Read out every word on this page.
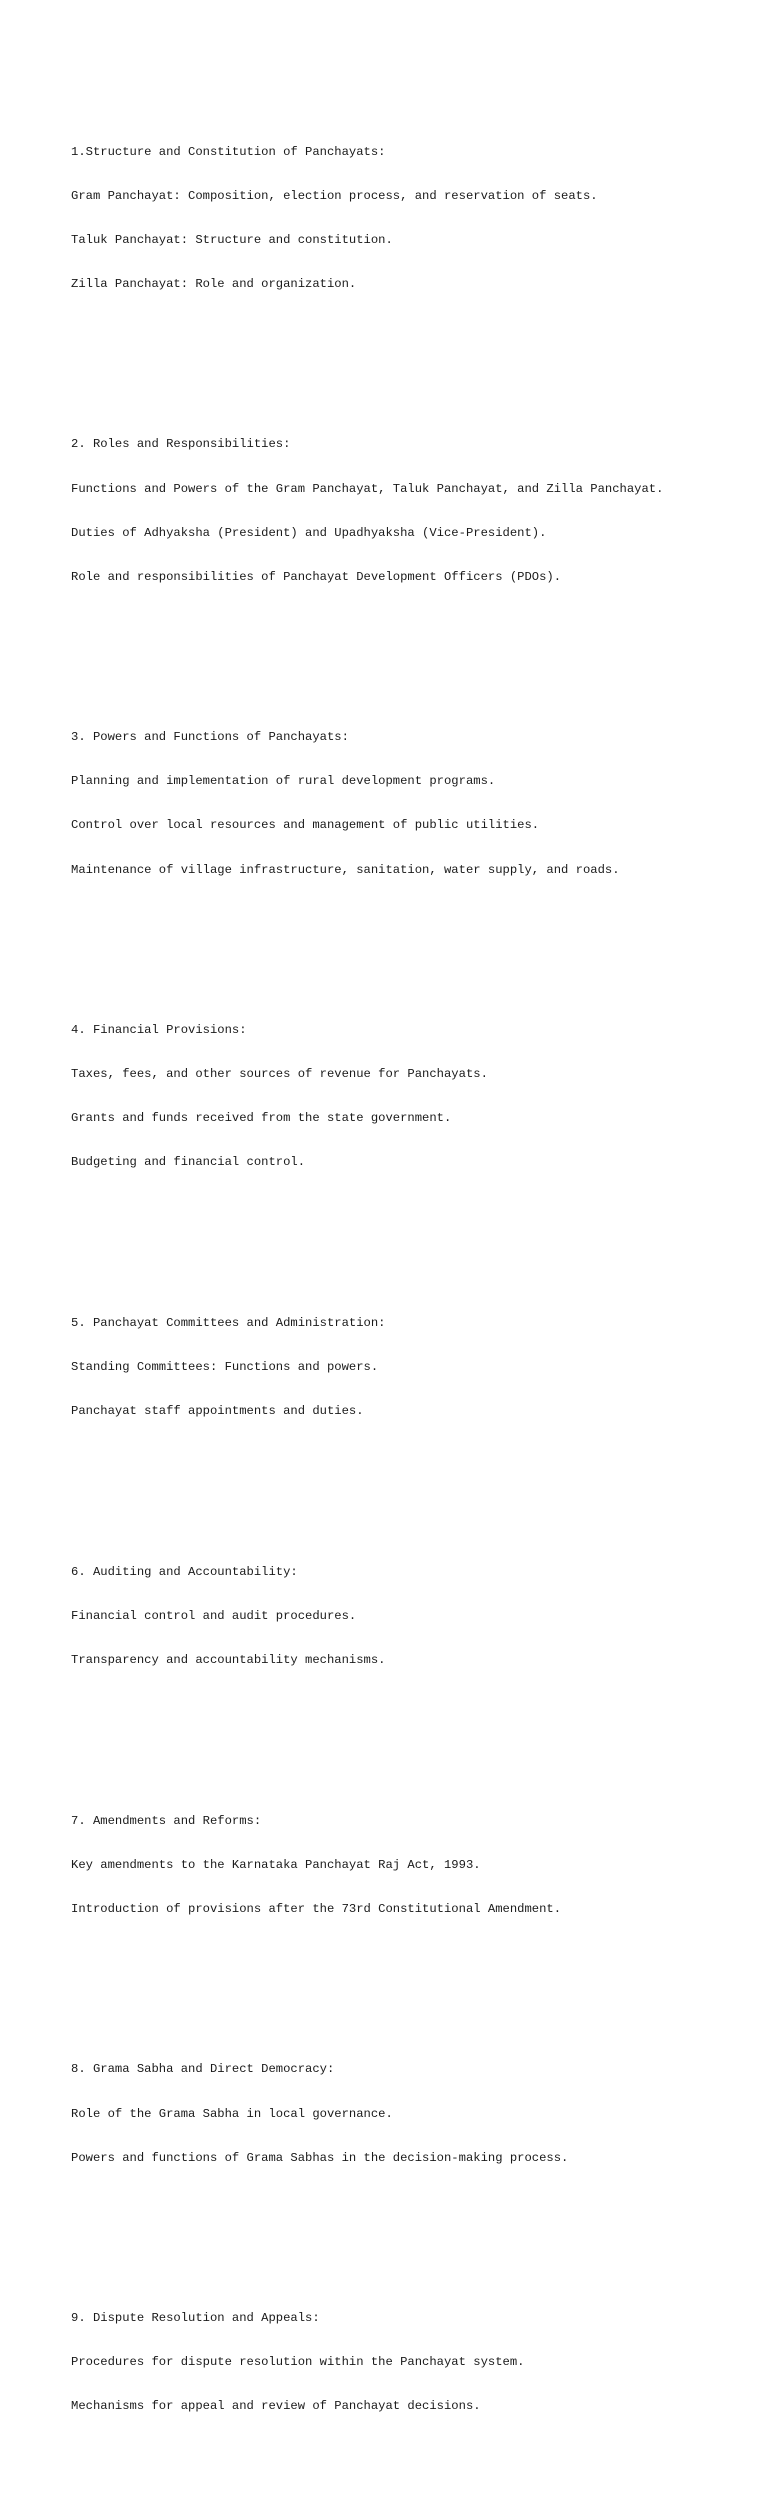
1.Structure and Constitution of Panchayats:

Gram Panchayat: Composition, election process, and reservation of seats.

Taluk Panchayat: Structure and constitution.

Zilla Panchayat: Role and organization.

2. Roles and Responsibilities:

Functions and Powers of the Gram Panchayat, Taluk Panchayat, and Zilla Panchayat.

Duties of Adhyaksha (President) and Upadhyaksha (Vice-President).

Role and responsibilities of Panchayat Development Officers (PDOs).

3. Powers and Functions of Panchayats:

Planning and implementation of rural development programs.

Control over local resources and management of public utilities.

Maintenance of village infrastructure, sanitation, water supply, and roads.

4. Financial Provisions:

Taxes, fees, and other sources of revenue for Panchayats.

Grants and funds received from the state government.

Budgeting and financial control.

5. Panchayat Committees and Administration:

Standing Committees: Functions and powers.

Panchayat staff appointments and duties.

6. Auditing and Accountability:

Financial control and audit procedures.

Transparency and accountability mechanisms.

7. Amendments and Reforms:

Key amendments to the Karnataka Panchayat Raj Act, 1993.

Introduction of provisions after the 73rd Constitutional Amendment.

8. Grama Sabha and Direct Democracy:

Role of the Grama Sabha in local governance.

Powers and functions of Grama Sabhas in the decision-making process.

9. Dispute Resolution and Appeals:

Procedures for dispute resolution within the Panchayat system.

Mechanisms for appeal and review of Panchayat decisions.
